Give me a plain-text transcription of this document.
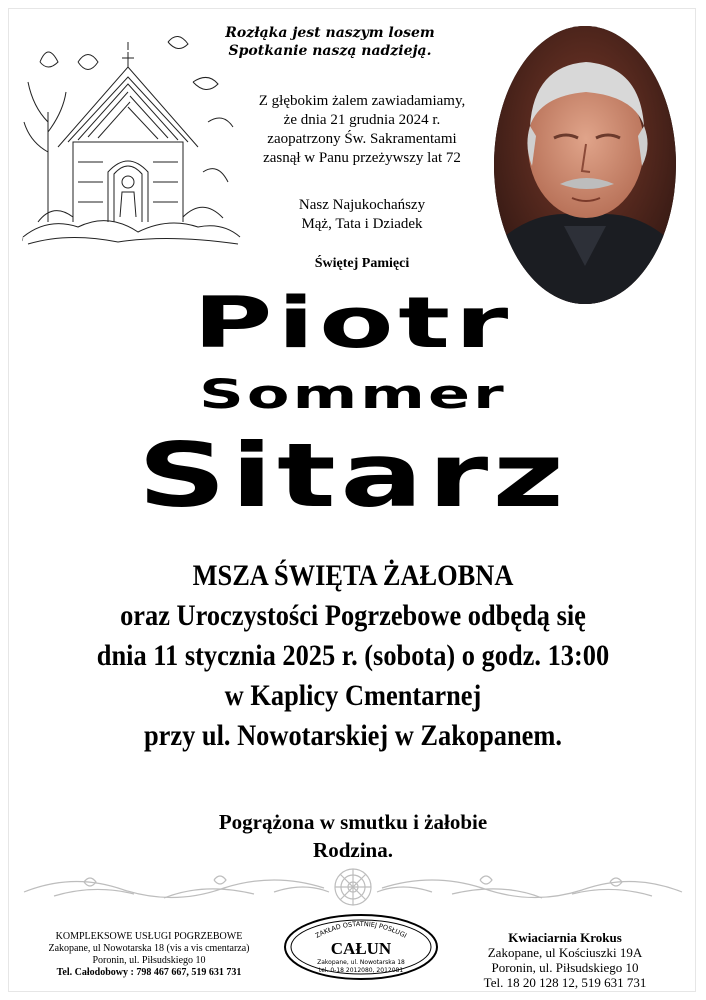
~
Rozłąka jest naszym losem
Spotkanie naszą nadzieją.
Z głębokim żalem zawiadamiamy,
że dnia 21 grudnia 2024 r.
zaopatrzony Św. Sakramentami
zasnął w Panu przeżywszy lat 72
Nasz Najukochańszy
Mąż, Tata i Dziadek
Świętej Pamięci
Piotr
Sommer
Sitarz
MSZA ŚWIĘTA ŻAŁOBNA
oraz Uroczystości Pogrzebowe odbędą się
dnia 11 stycznia 2025 r. (sobota) o godz. 13:00
w Kaplicy Cmentarnej
przy ul. Nowotarskiej w Zakopanem.
Pogrążona w smutku i żałobie
Rodzina.
KOMPLEKSOWE USŁUGI POGRZEBOWE
Zakopane, ul Nowotarska 18 (vis a vis cmentarza)
Poronin, ul. Piłsudskiego 10
Tel. Całodobowy : 798 467 667, 519 631 731
ZAKŁAD OSTATNIEJ POSŁUGI
CAŁUN
Zakopane, ul. Nowotarska 18
tel. 0-18 2012080, 2012081
Kwiaciarnia Krokus
Zakopane, ul Kościuszki 19A
Poronin, ul. Piłsudskiego 10
Tel. 18 20 128 12, 519 631 731
